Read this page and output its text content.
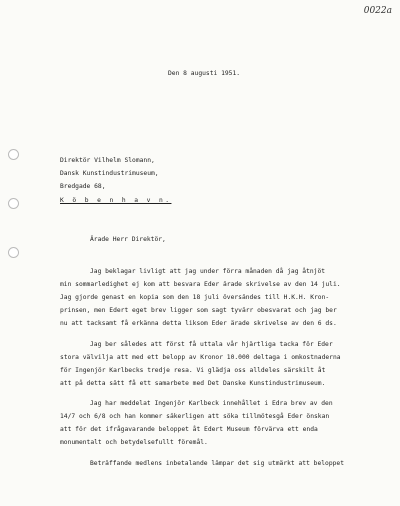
0022a
Den 8 augusti 1951.
Direktör Vilhelm Slomann,
Dansk Kunstindustrimuseum,
Bredgade 68,
K ö b e n h a v n.
Ärade Herr Direktör,
Jag beklagar livligt att jag under förra månaden då jag åtnjöt
min sommarledighet ej kom att besvara Eder ärade skrivelse av den 14 juli.
Jag gjorde genast en kopia som den 18 juli översändes till H.K.H. Kron-
prinsen, men Edert eget brev ligger som sagt tyvärr obesvarat och jag ber
nu att tacksamt få erkänna detta liksom Eder ärade skrivelse av den 6 ds.
Jag ber således att först få uttala vår hjärtliga tacka för Eder
stora välvilja att med ett belopp av Kronor 10.000 deltaga i omkostnaderna
för Ingenjör Karlbecks tredje resa. Vi glädja oss alldeles särskilt åt
att på detta sätt få ett samarbete med Det Danske Kunstindustrimuseum.
Jag har meddelat Ingenjör Karlbeck innehållet i Edra brev av den
14/7 och 6/8 och han kommer säkerligen att söka tillmötesgå Eder önskan
att för det ifrågavarande beloppet åt Edert Museum förvärva ett enda
monumentalt och betydelsefullt föremål.
Beträffande medlens inbetalande lämpar det sig utmärkt att beloppet
